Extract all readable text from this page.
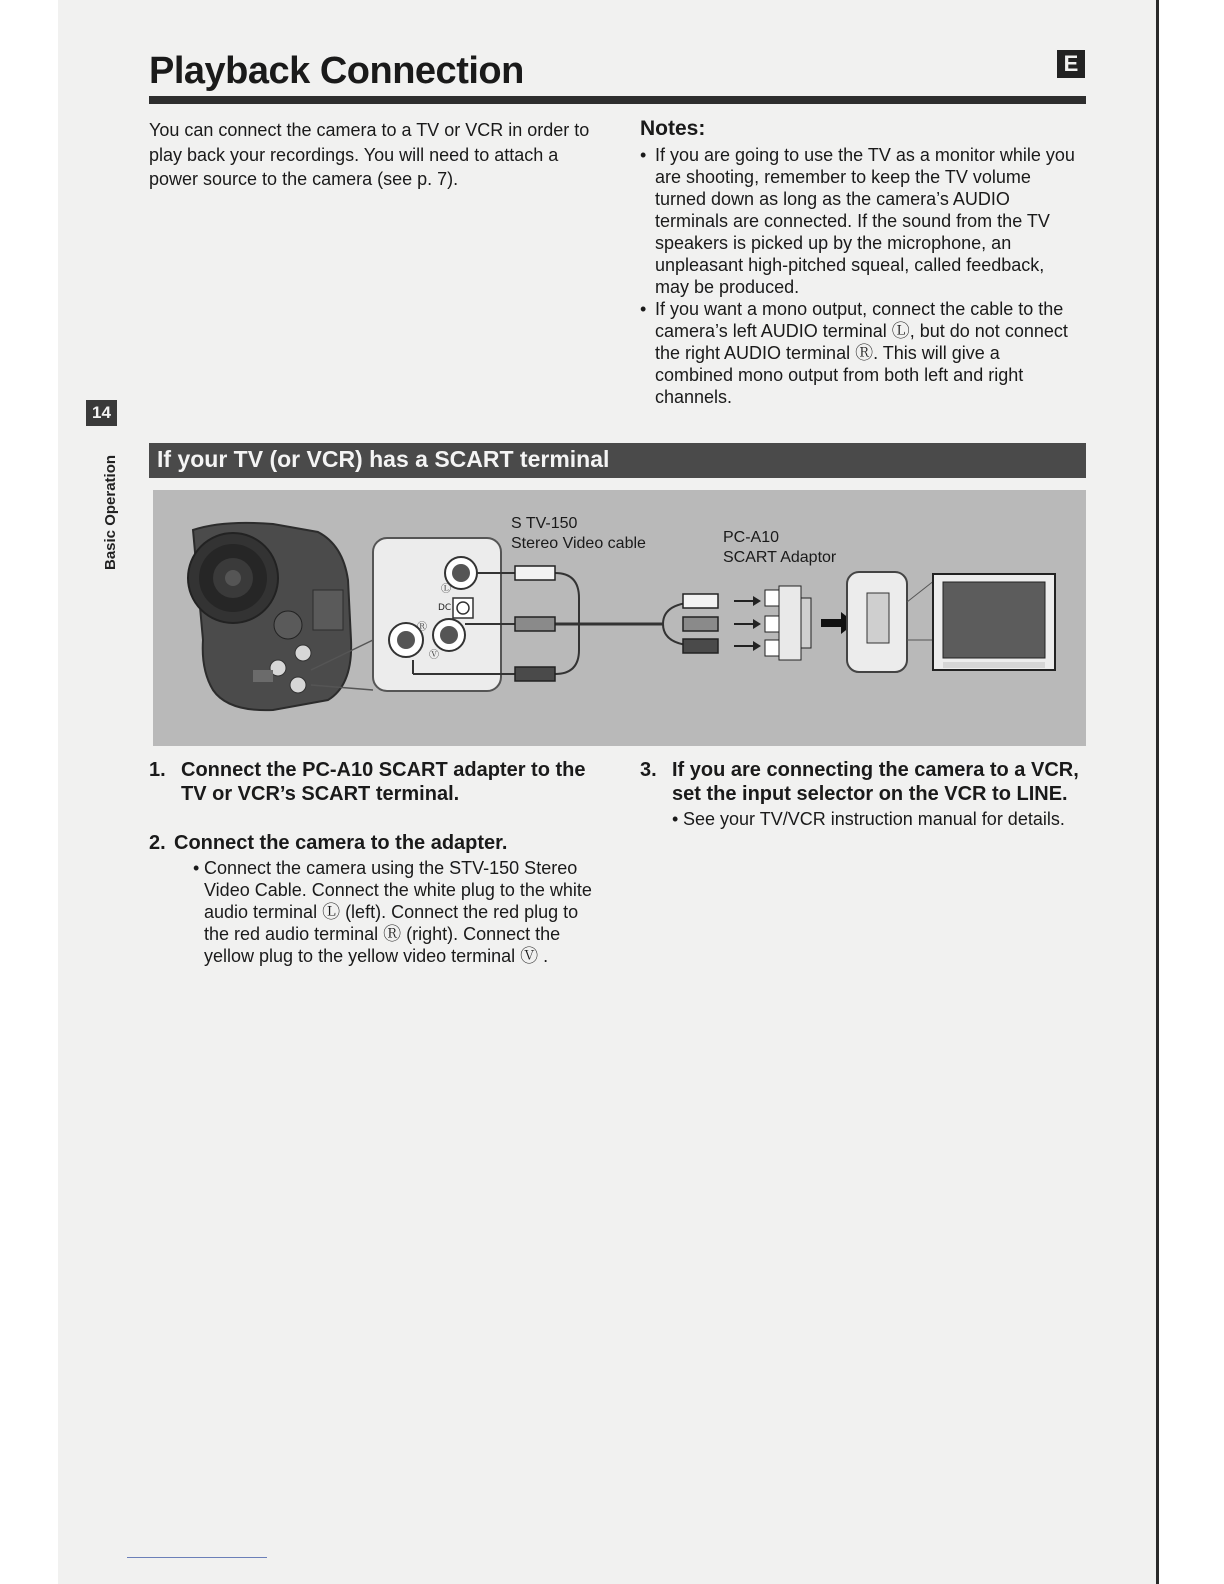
Playback Connection	E

You can connect the camera to a TV or VCR in order to play back your recordings. You will need to attach a power source to the camera (see p. 7).

Notes:
• If you are going to use the TV as a monitor while you are shooting, remember to keep the TV volume turned down as long as the camera’s AUDIO terminals are connected. If the sound from the TV speakers is picked up by the microphone, an unpleasant high-pitched squeal, called feedback, may be produced.
• If you want a mono output, connect the cable to the camera’s left AUDIO terminal Ⓛ, but do not connect the right AUDIO terminal Ⓡ. This will give a combined mono output from both left and right channels.
14
Basic Operation If your TV (or VCR) has a SCART terminal
Ⓛ
DC
Ⓡ
Ⓥ
S TV-150
Stereo Video cable	PC-A10
SCART Adaptor

1. Connect the PC-A10 SCART adapter to the TV or VCR’s SCART terminal.

2. Connect the camera to the adapter.

• Connect the camera using the STV-150 Stereo Video Cable. Connect the white plug to the white audio terminal Ⓛ (left). Connect the red plug to the red audio terminal Ⓡ (right). Connect the yellow plug to the yellow video terminal Ⓥ .

3. If you are connecting the camera to a VCR, set the input selector on the VCR to LINE.

• See your TV/VCR instruction manual for details.
